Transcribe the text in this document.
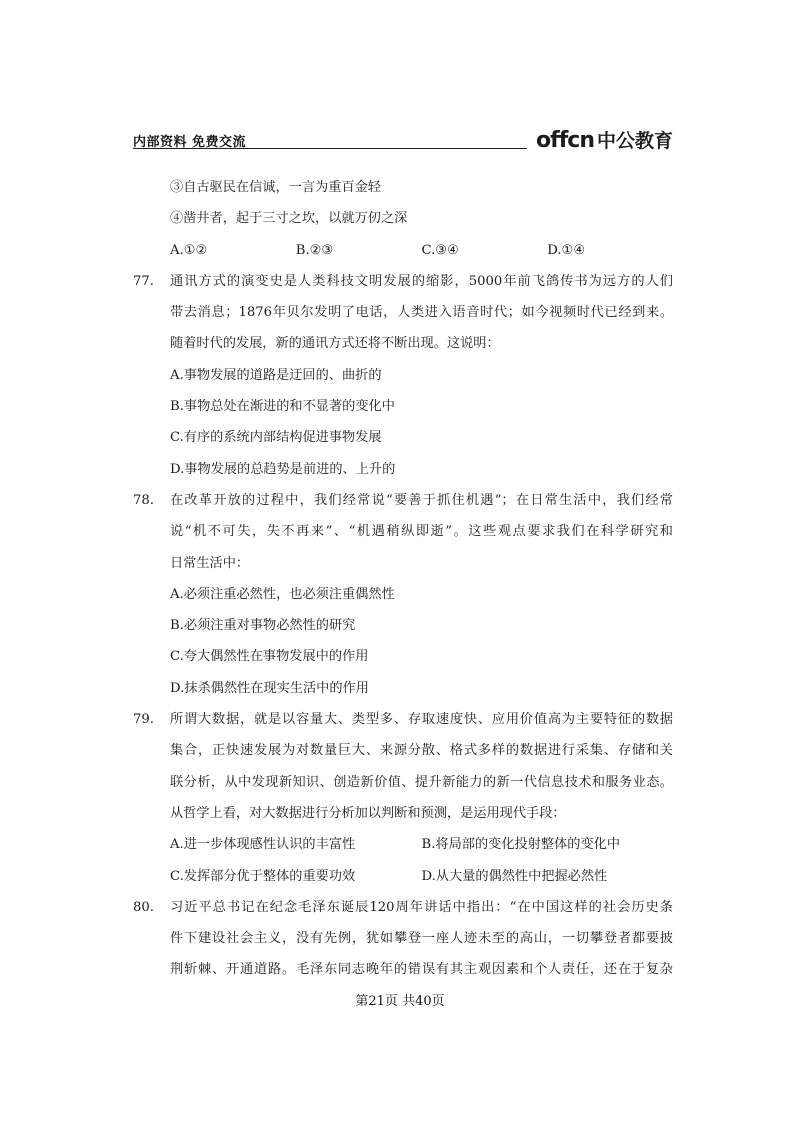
内部资料 免费交流	offcn 中公教育
③自古驱民在信诚，一言为重百金轻
④凿井者，起于三寸之坎，以就万仞之深
A.①②	B.②③	C.③④	D.①④
77.	通讯方式的演变史是人类科技文明发展的缩影，5000年前飞鸽传书为远方的人们
带去消息；1876年贝尔发明了电话，人类进入语音时代；如今视频时代已经到来。
随着时代的发展，新的通讯方式还将不断出现。这说明：
A.事物发展的道路是迂回的、曲折的
B.事物总处在渐进的和不显著的变化中
C.有序的系统内部结构促进事物发展
D.事物发展的总趋势是前进的、上升的
78.	在改革开放的过程中，我们经常说“要善于抓住机遇”；在日常生活中，我们经常
说“机不可失，失不再来”、“机遇稍纵即逝”。这些观点要求我们在科学研究和
日常生活中：
A.必须注重必然性，也必须注重偶然性
B.必须注重对事物必然性的研究
C.夸大偶然性在事物发展中的作用
D.抹杀偶然性在现实生活中的作用
79.	所谓大数据，就是以容量大、类型多、存取速度快、应用价值高为主要特征的数据
集合，正快速发展为对数量巨大、来源分散、格式多样的数据进行采集、存储和关
联分析，从中发现新知识、创造新价值、提升新能力的新一代信息技术和服务业态。
从哲学上看，对大数据进行分析加以判断和预测，是运用现代手段：
A.进一步体现感性认识的丰富性	B.将局部的变化投射整体的变化中
C.发挥部分优于整体的重要功效	D.从大量的偶然性中把握必然性
80.	习近平总书记在纪念毛泽东诞辰120周年讲话中指出：“在中国这样的社会历史条
件下建设社会主义，没有先例，犹如攀登一座人迹未至的高山，一切攀登者都要披
荆斩棘、开通道路。毛泽东同志晚年的错误有其主观因素和个人责任，还在于复杂
第21页 共40页
